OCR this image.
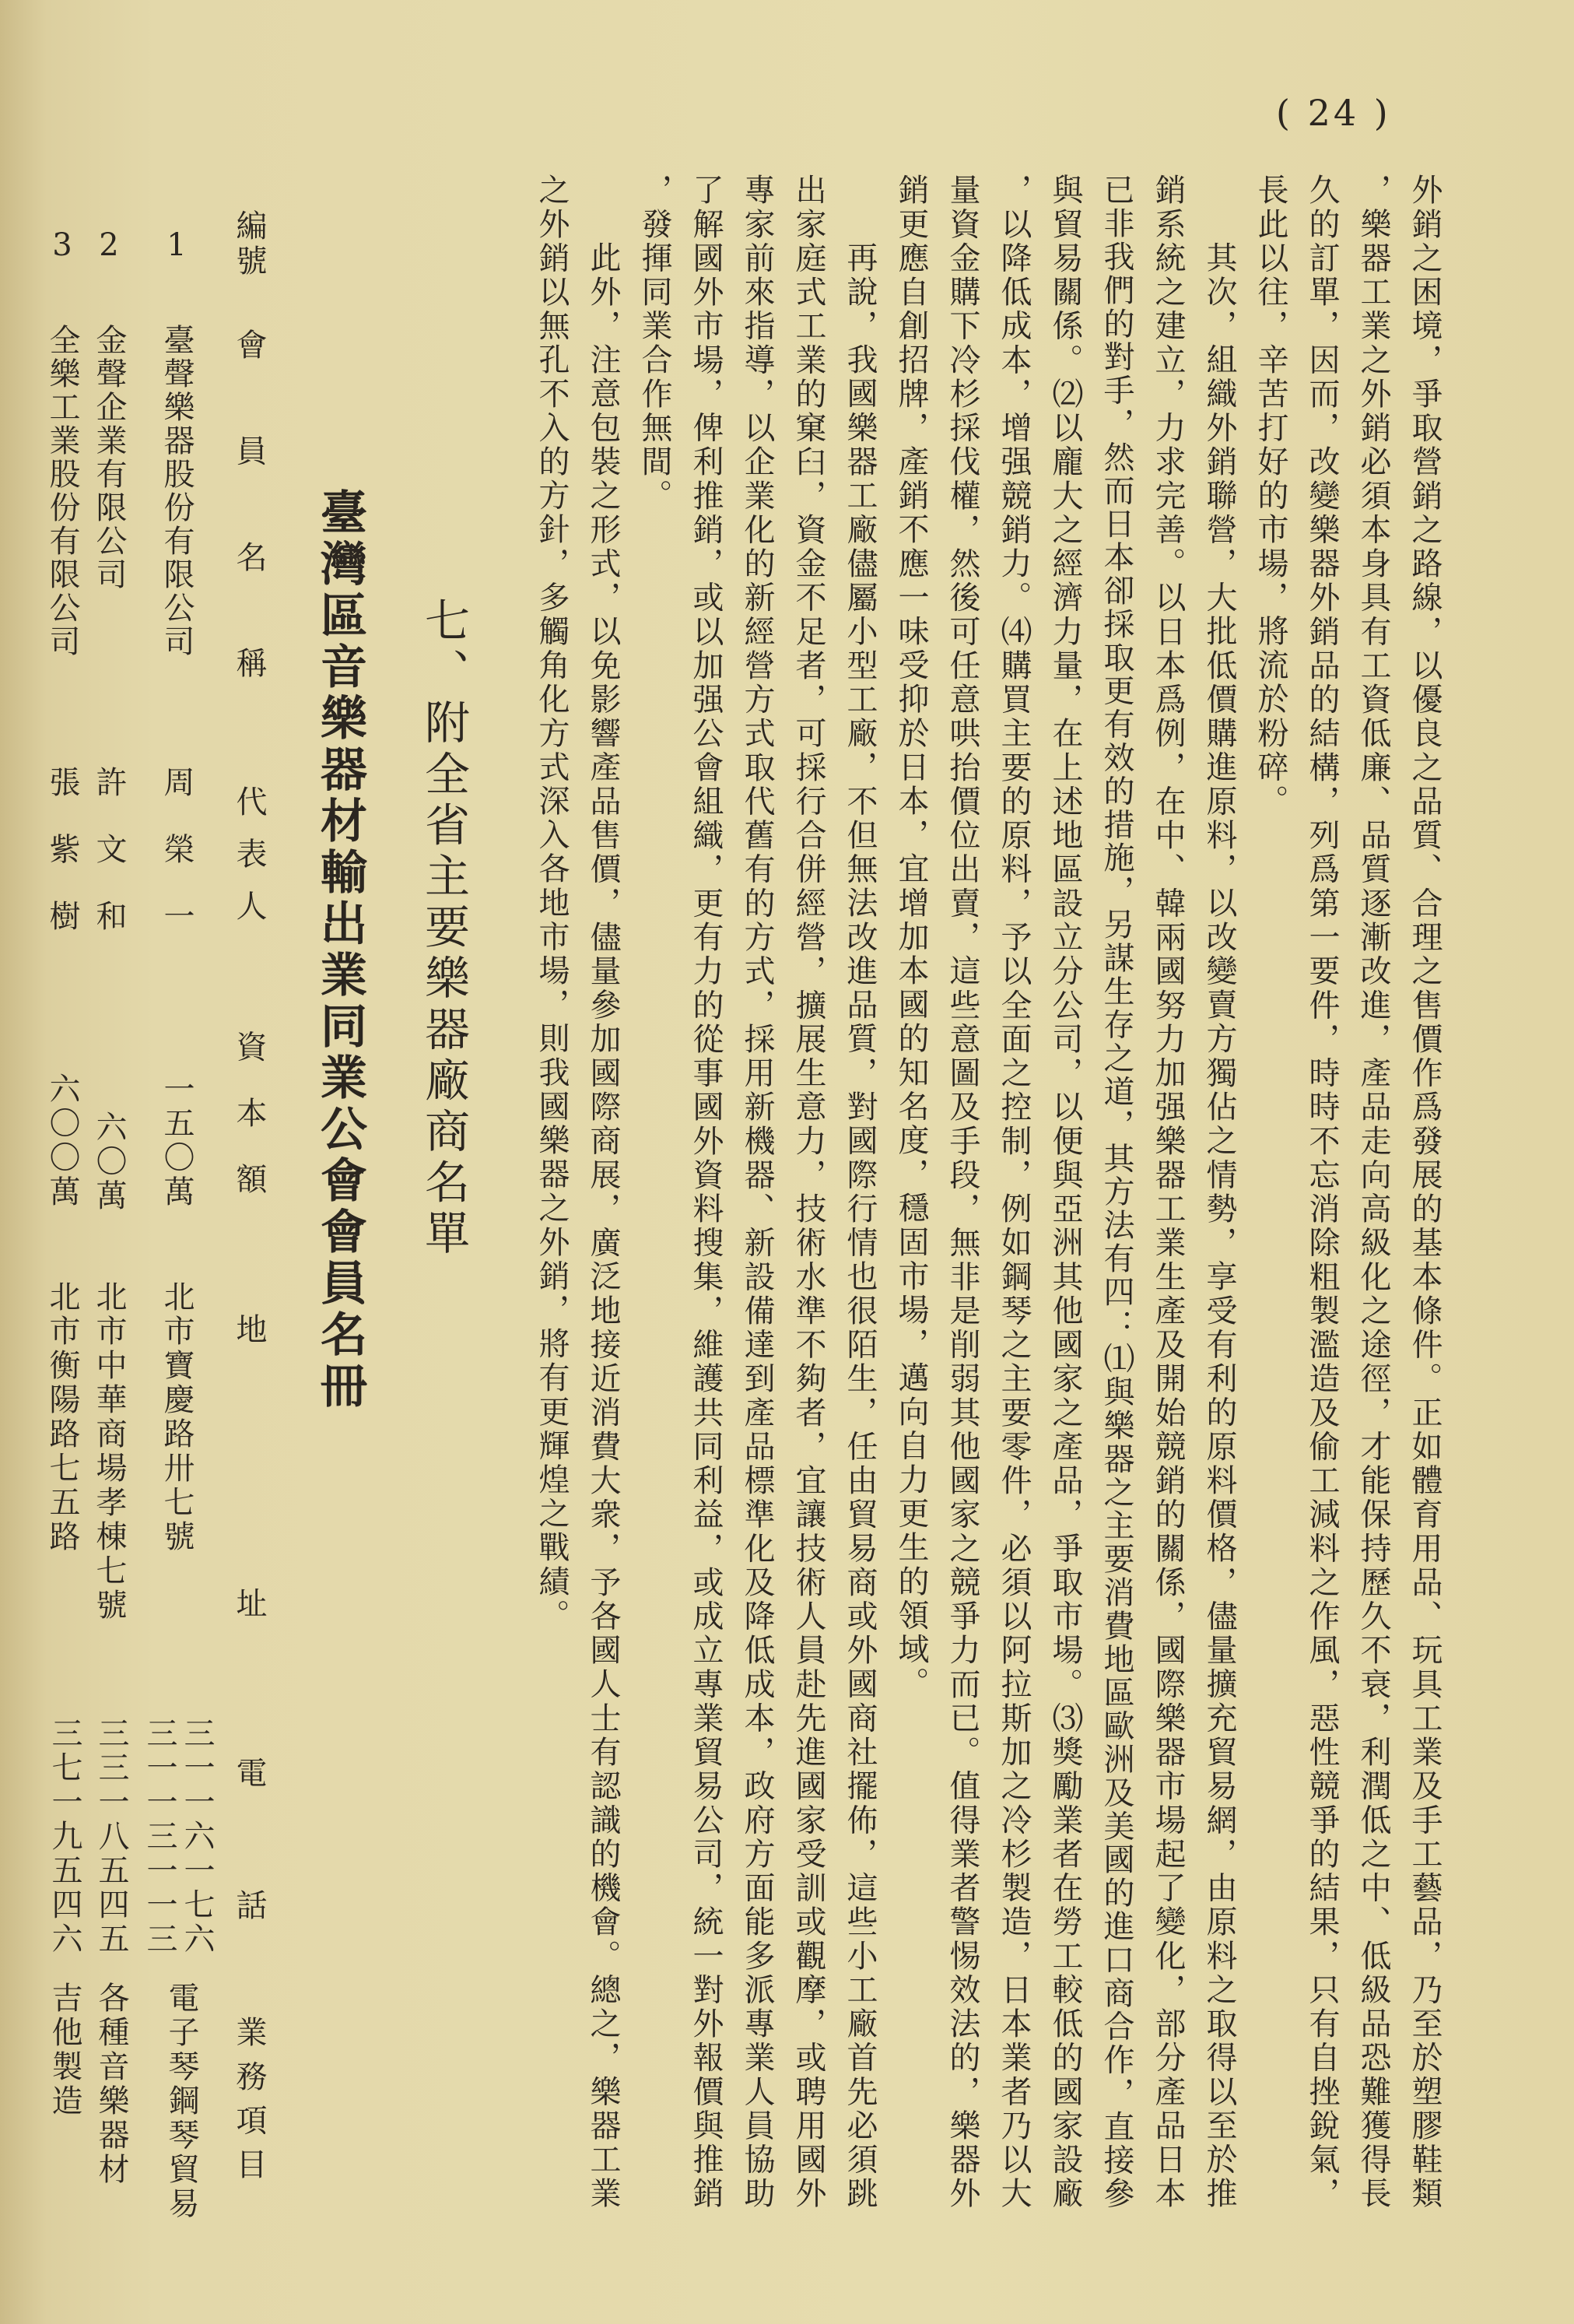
( 24 )
外銷之困境，爭取營銷之路線，以優良之品質、合理之售價作爲發展的基本條件。正如體育用品、玩具工業及手工藝品，乃至於塑膠鞋類
，樂器工業之外銷必須本身具有工資低廉、品質逐漸改進，產品走向高級化之途徑，才能保持歷久不衰，利潤低之中、低級品恐難獲得長
久的訂單，因而，改變樂器外銷品的結構，列爲第一要件，時時不忘消除粗製濫造及偷工減料之作風，惡性競爭的結果，只有自挫銳氣，
長此以往，辛苦打好的市場，將流於粉碎。
其次，組織外銷聯營，大批低價購進原料，以改變賣方獨佔之情勢，享受有利的原料價格，儘量擴充貿易網，由原料之取得以至於推
銷系統之建立，力求完善。以日本爲例，在中、韓兩國努力加强樂器工業生產及開始競銷的關係，國際樂器市場起了變化，部分產品日本
已非我們的對手，然而日本卻採取更有效的措施，另謀生存之道，其方法有四：⑴與樂器之主要消費地區歐洲及美國的進口商合作，直接參
與貿易關係。⑵以龐大之經濟力量，在上述地區設立分公司，以便與亞洲其他國家之產品，爭取市場。⑶獎勵業者在勞工較低的國家設廠
，以降低成本，增强競銷力。⑷購買主要的原料，予以全面之控制，例如鋼琴之主要零件，必須以阿拉斯加之冷杉製造，日本業者乃以大
量資金購下冷杉採伐權，然後可任意哄抬價位出賣，這些意圖及手段，無非是削弱其他國家之競爭力而已。值得業者警惕效法的，樂器外
銷更應自創招牌，產銷不應一味受抑於日本，宜增加本國的知名度，穩固市場，邁向自力更生的領域。
再說，我國樂器工廠儘屬小型工廠，不但無法改進品質，對國際行情也很陌生，任由貿易商或外國商社擺佈，這些小工廠首先必須跳
出家庭式工業的窠臼，資金不足者，可採行合併經營，擴展生意力，技術水準不夠者，宜讓技術人員赴先進國家受訓或觀摩，或聘用國外
專家前來指導，以企業化的新經營方式取代舊有的方式，採用新機器、新設備達到產品標準化及降低成本，政府方面能多派專業人員協助
了解國外市場，俾利推銷，或以加强公會組織，更有力的從事國外資料搜集，維護共同利益，或成立專業貿易公司，統一對外報價與推銷
，發揮同業合作無間。
此外，注意包裝之形式，以免影響產品售價，儘量參加國際商展，廣泛地接近消費大衆，予各國人士有認識的機會。總之，樂器工業
之外銷以無孔不入的方針，多觸角化方式深入各地市場，則我國樂器之外銷，將有更輝煌之戰績。
七、附全省主要樂器廠商名單
臺灣區音樂器材輸出業同業公會會員名冊
編號
會員名稱
代表人
資本額
地址
電話
業務項目
1
臺聲樂器股份有限公司
周榮一
一五〇萬
北市寶慶路卅七號
三一一六一七六
三一一三一一三
電子琴鋼琴貿易
2
金聲企業有限公司
許文和
六〇萬
北市中華商場孝棟七號
三三一八五四五
各種音樂器材
3
全樂工業股份有限公司
張紫樹
六〇〇萬
北市衡陽路七五路
三七一九五四六
吉他製造
